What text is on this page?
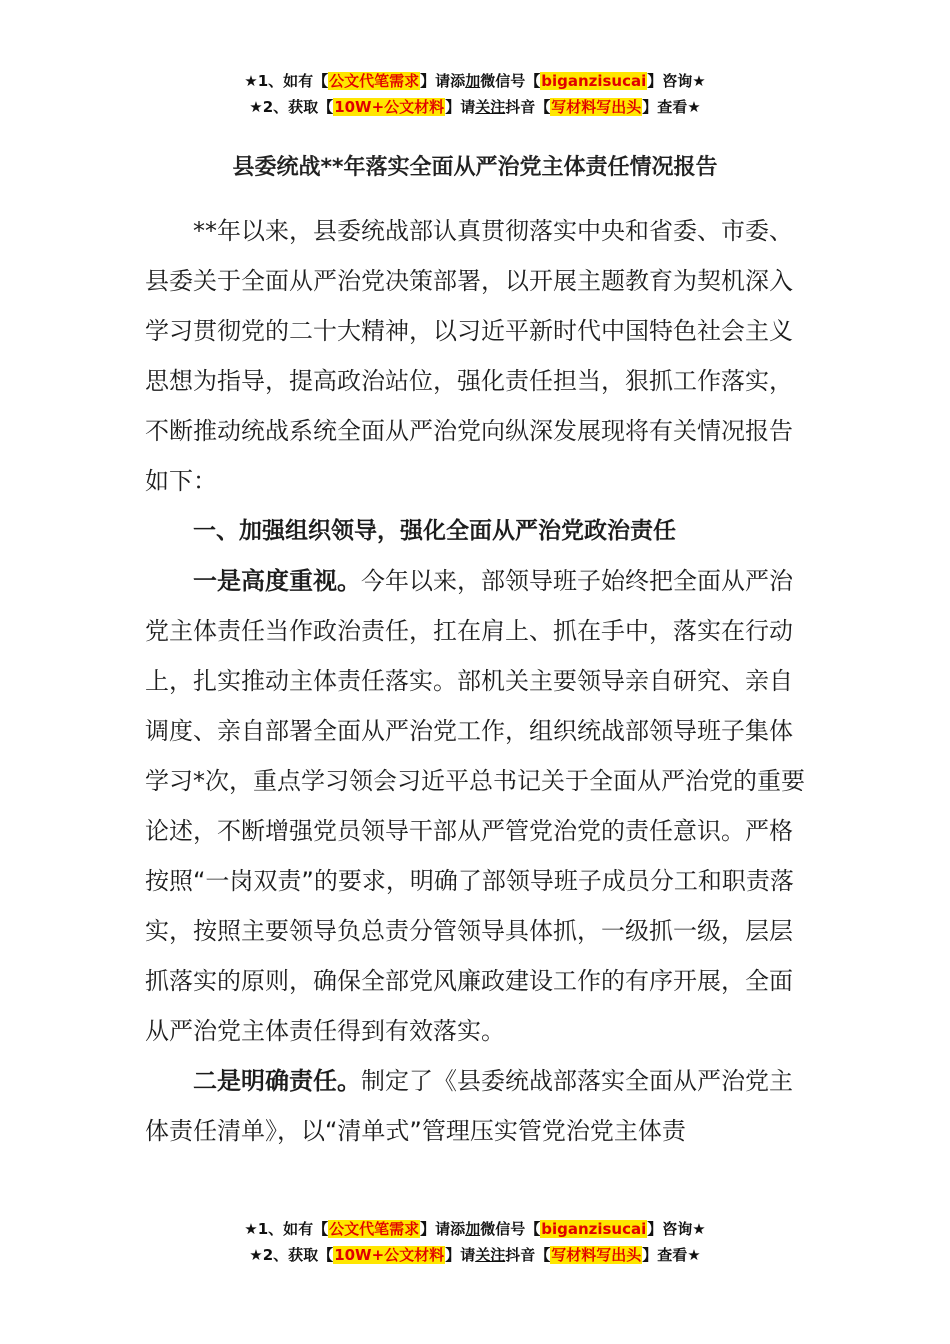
★1、如有【公文代笔需求】请添加微信号【biganzisucai】咨询★
★2、获取【10W+公文材料】请关注抖音【写材料写出头】查看★
县委统战**年落实全面从严治党主体责任情况报告

**年以来，县委统战部认真贯彻落实中央和省委、市委、县委关于全面从严治党决策部署，以开展主题教育为契机深入学习贯彻党的二十大精神，以习近平新时代中国特色社会主义思想为指导，提高政治站位，强化责任担当，狠抓工作落实，不断推动统战系统全面从严治党向纵深发展现将有关情况报告如下：

一、加强组织领导，强化全面从严治党政治责任

一是高度重视。今年以来，部领导班子始终把全面从严治党主体责任当作政治责任，扛在肩上、抓在手中，落实在行动上，扎实推动主体责任落实。部机关主要领导亲自研究、亲自调度、亲自部署全面从严治党工作，组织统战部领导班子集体学习*次，重点学习领会习近平总书记关于全面从严治党的重要论述，不断增强党员领导干部从严管党治党的责任意识。严格按照“一岗双责”的要求，明确了部领导班子成员分工和职责落实，按照主要领导负总责分管领导具体抓，一级抓一级，层层抓落实的原则，确保全部党风廉政建设工作的有序开展，全面从严治党主体责任得到有效落实。

二是明确责任。制定了《县委统战部落实全面从严治党主体责任清单》，以“清单式”管理压实管党治党主体责

★1、如有【公文代笔需求】请添加微信号【biganzisucai】咨询★
★2、获取【10W+公文材料】请关注抖音【写材料写出头】查看★
